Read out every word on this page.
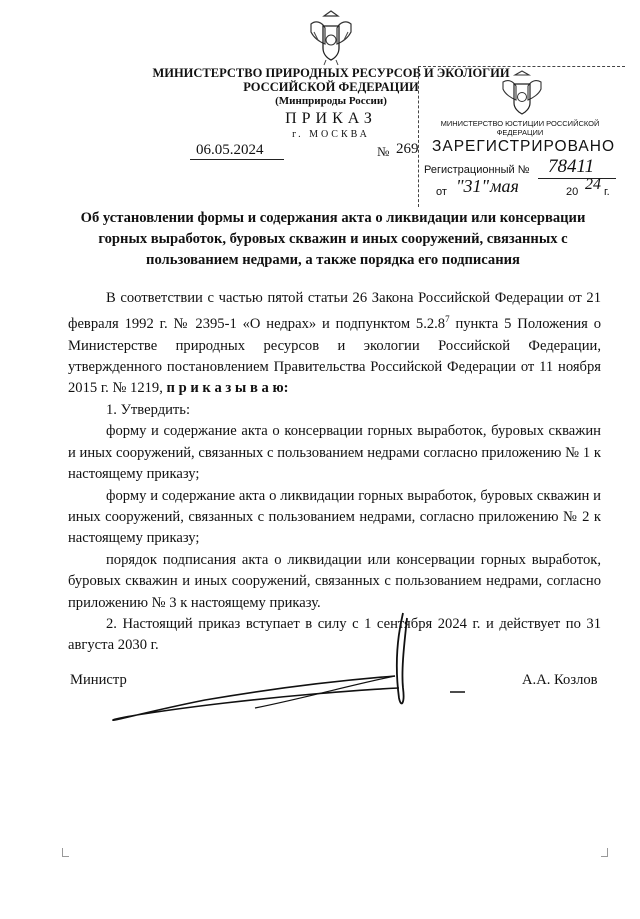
МИНИСТЕРСТВО ПРИРОДНЫХ РЕСУРСОВ И ЭКОЛОГИИ
РОССИЙСКОЙ ФЕДЕРАЦИИ
(Минприроды России)
ПРИКАЗ
г. МОСКВА
06.05.2024	№ 269
МИНИСТЕРСТВО ЮСТИЦИИ РОССИЙСКОЙ ФЕДЕРАЦИИ
ЗАРЕГИСТРИРОВАНО
Регистрационный № 78411
от "31" мая	20 24 г.
Об установлении формы и содержания акта о ликвидации или консервации горных выработок, буровых скважин и иных сооружений, связанных с пользованием недрами, а также порядка его подписания
В соответствии с частью пятой статьи 26 Закона Российской Федерации от 21 февраля 1992 г. № 2395-1 «О недрах» и подпунктом 5.2.8$^7$ пункта 5 Положения о Министерстве природных ресурсов и экологии Российской Федерации, утвержденного постановлением Правительства Российской Федерации от 11 ноября 2015 г. № 1219, п р и к а з ы в а ю:
1. Утвердить:
форму и содержание акта о консервации горных выработок, буровых скважин и иных сооружений, связанных с пользованием недрами согласно приложению № 1 к настоящему приказу;
форму и содержание акта о ликвидации горных выработок, буровых скважин и иных сооружений, связанных с пользованием недрами, согласно приложению № 2 к настоящему приказу;
порядок подписания акта о ликвидации или консервации горных выработок, буровых скважин и иных сооружений, связанных с пользованием недрами, согласно приложению № 3 к настоящему приказу.
2. Настоящий приказ вступает в силу с 1 сентября 2024 г. и действует по 31 августа 2030 г.
Министр	А.А. Козлов
